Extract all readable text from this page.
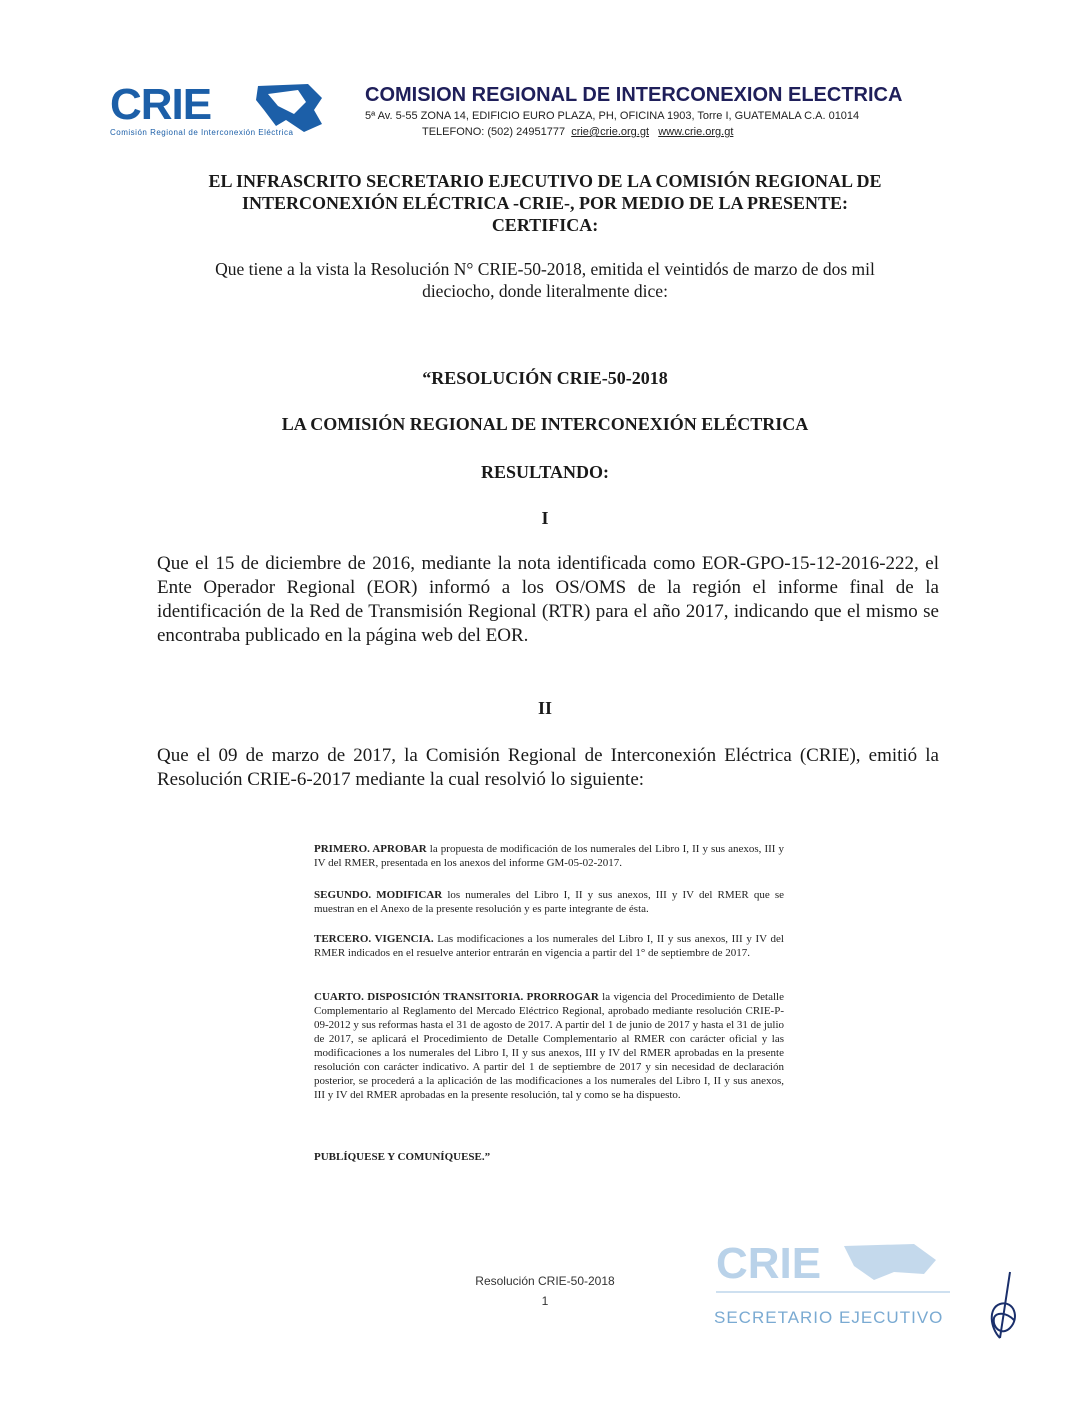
CRIE
Comisión Regional de Interconexión Eléctrica
COMISION REGIONAL DE INTERCONEXION ELECTRICA
5ª Av. 5-55 ZONA 14, EDIFICIO EURO PLAZA, PH, OFICINA 1903, Torre I, GUATEMALA C.A. 01014
TELEFONO: (502) 24951777 crie@crie.org.gt www.crie.org.gt
EL INFRASCRITO SECRETARIO EJECUTIVO DE LA COMISIÓN REGIONAL DE
INTERCONEXIÓN ELÉCTRICA -CRIE-, POR MEDIO DE LA PRESENTE:
CERTIFICA:
Que tiene a la vista la Resolución N° CRIE-50-2018, emitida el veintidós de marzo de dos mil
dieciocho, donde literalmente dice:
“RESOLUCIÓN CRIE-50-2018
LA COMISIÓN REGIONAL DE INTERCONEXIÓN ELÉCTRICA
RESULTANDO:
I
Que el 15 de diciembre de 2016, mediante la nota identificada como EOR-GPO-15-12-2016-222, el Ente Operador Regional (EOR) informó a los OS/OMS de la región el informe final de la identificación de la Red de Transmisión Regional (RTR) para el año 2017, indicando que el mismo se encontraba publicado en la página web del EOR.
II
Que el 09 de marzo de 2017, la Comisión Regional de Interconexión Eléctrica (CRIE), emitió la Resolución CRIE-6-2017 mediante la cual resolvió lo siguiente:
PRIMERO. APROBAR la propuesta de modificación de los numerales del Libro I, II y sus anexos, III y IV del RMER, presentada en los anexos del informe GM-05-02-2017.
SEGUNDO. MODIFICAR los numerales del Libro I, II y sus anexos, III y IV del RMER que se muestran en el Anexo de la presente resolución y es parte integrante de ésta.
TERCERO. VIGENCIA. Las modificaciones a los numerales del Libro I, II y sus anexos, III y IV del RMER indicados en el resuelve anterior entrarán en vigencia a partir del 1° de septiembre de 2017.
CUARTO. DISPOSICIÓN TRANSITORIA. PRORROGAR la vigencia del Procedimiento de Detalle Complementario al Reglamento del Mercado Eléctrico Regional, aprobado mediante resolución CRIE-P-09-2012 y sus reformas hasta el 31 de agosto de 2017. A partir del 1 de junio de 2017 y hasta el 31 de julio de 2017, se aplicará el Procedimiento de Detalle Complementario al RMER con carácter oficial y las modificaciones a los numerales del Libro I, II y sus anexos, III y IV del RMER aprobadas en la presente resolución con carácter indicativo. A partir del 1 de septiembre de 2017 y sin necesidad de declaración posterior, se procederá a la aplicación de las modificaciones a los numerales del Libro I, II y sus anexos, III y IV del RMER aprobadas en la presente resolución, tal y como se ha dispuesto.
PUBLÍQUESE Y COMUNÍQUESE.”
Resolución CRIE-50-2018
1
CRIE
SECRETARIO EJECUTIVO
